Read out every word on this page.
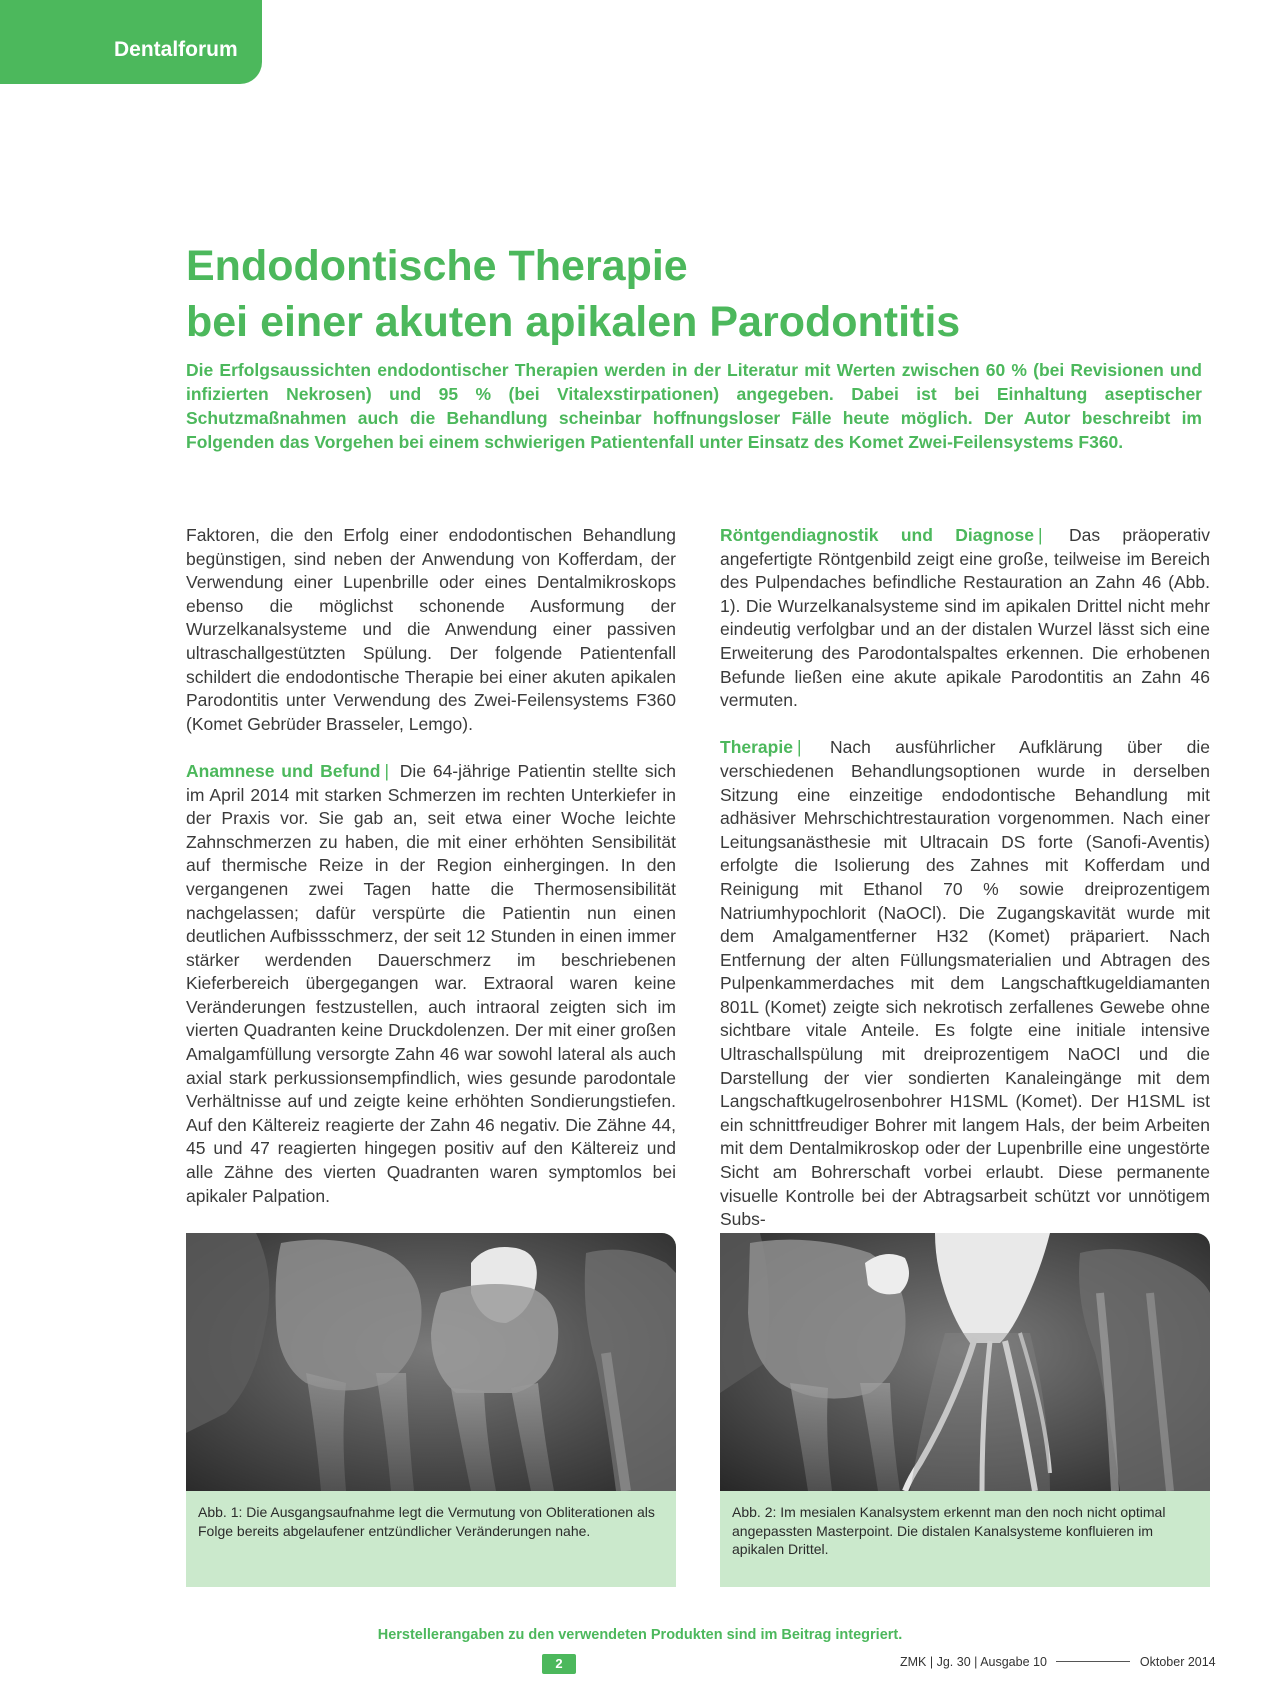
Dentalforum
Endodontische Therapie
bei einer akuten apikalen Parodontitis

Die Erfolgsaussichten endodontischer Therapien werden in der Literatur mit Werten zwischen 60 % (bei Revisionen und infizierten Nekrosen) und 95 % (bei Vitalexstirpationen) angegeben. Dabei ist bei Einhaltung aseptischer Schutzmaßnahmen auch die Behandlung scheinbar hoffnungsloser Fälle heute möglich. Der Autor beschreibt im Folgenden das Vorgehen bei einem schwierigen Patientenfall unter Einsatz des Komet Zwei-Feilensystems F360.

Faktoren, die den Erfolg einer endodontischen Behandlung begünstigen, sind neben der Anwendung von Kofferdam, der Verwendung einer Lupenbrille oder eines Dentalmikroskops ebenso die möglichst schonende Ausformung der Wurzelkanalsysteme und die Anwendung einer passiven ultraschallgestützten Spülung. Der folgende Patientenfall schildert die endodontische Therapie bei einer akuten apikalen Parodontitis unter Verwendung des Zwei-Feilensystems F360 (Komet Gebrüder Brasseler, Lemgo).

Anamnese und Befund | Die 64-jährige Patientin stellte sich im April 2014 mit starken Schmerzen im rechten Unterkiefer in der Praxis vor. Sie gab an, seit etwa einer Woche leichte Zahnschmerzen zu haben, die mit einer erhöhten Sensibilität auf thermische Reize in der Region einhergingen. In den vergangenen zwei Tagen hatte die Thermosensibilität nachgelassen; dafür verspürte die Patientin nun einen deutlichen Aufbissschmerz, der seit 12 Stunden in einen immer stärker werdenden Dauerschmerz im beschriebenen Kieferbereich übergegangen war. Extraoral waren keine Veränderungen festzustellen, auch intraoral zeigten sich im vierten Quadranten keine Druckdolenzen. Der mit einer großen Amalgamfüllung versorgte Zahn 46 war sowohl lateral als auch axial stark perkussionsempfindlich, wies gesunde parodontale Verhältnisse auf und zeigte keine erhöhten Sondierungstiefen. Auf den Kältereiz reagierte der Zahn 46 negativ. Die Zähne 44, 45 und 47 reagierten hingegen positiv auf den Kältereiz und alle Zähne des vierten Quadranten waren symptomlos bei apikaler Palpation.

Röntgendiagnostik und Diagnose | Das präoperativ angefertigte Röntgenbild zeigt eine große, teilweise im Bereich des Pulpendaches befindliche Restauration an Zahn 46 (Abb. 1). Die Wurzelkanalsysteme sind im apikalen Drittel nicht mehr eindeutig verfolgbar und an der distalen Wurzel lässt sich eine Erweiterung des Parodontalspaltes erkennen. Die erhobenen Befunde ließen eine akute apikale Parodontitis an Zahn 46 vermuten.

Therapie | Nach ausführlicher Aufklärung über die verschiedenen Behandlungsoptionen wurde in derselben Sitzung eine einzeitige endodontische Behandlung mit adhäsiver Mehrschichtrestauration vorgenommen. Nach einer Leitungsanästhesie mit Ultracain DS forte (Sanofi-Aventis) erfolgte die Isolierung des Zahnes mit Kofferdam und Reinigung mit Ethanol 70 % sowie dreiprozentigem Natriumhypochlorit (NaOCl). Die Zugangskavität wurde mit dem Amalgamentferner H32 (Komet) präpariert. Nach Entfernung der alten Füllungsmaterialien und Abtragen des Pulpenkammerdaches mit dem Langschaftkugeldiamanten 801L (Komet) zeigte sich nekrotisch zerfallenes Gewebe ohne sichtbare vitale Anteile. Es folgte eine initiale intensive Ultraschallspülung mit dreiprozentigem NaOCl und die Darstellung der vier sondierten Kanaleingänge mit dem Langschaftkugelrosenbohrer H1SML (Komet). Der H1SML ist ein schnittfreudiger Bohrer mit langem Hals, der beim Arbeiten mit dem Dentalmikroskop oder der Lupenbrille eine ungestörte Sicht am Bohrerschaft vorbei erlaubt. Diese permanente visuelle Kontrolle bei der Abtragsarbeit schützt vor unnötigem Subs-

Abb. 1: Die Ausgangsaufnahme legt die Vermutung von Obliterationen als Folge bereits abgelaufener entzündlicher Veränderungen nahe.

Abb. 2: Im mesialen Kanalsystem erkennt man den noch nicht optimal angepassten Masterpoint. Die distalen Kanalsysteme konfluieren im apikalen Drittel.

Herstellerangaben zu den verwendeten Produkten sind im Beitrag integriert.

2	ZMK | Jg. 30 | Ausgabe 10	Oktober 2014
